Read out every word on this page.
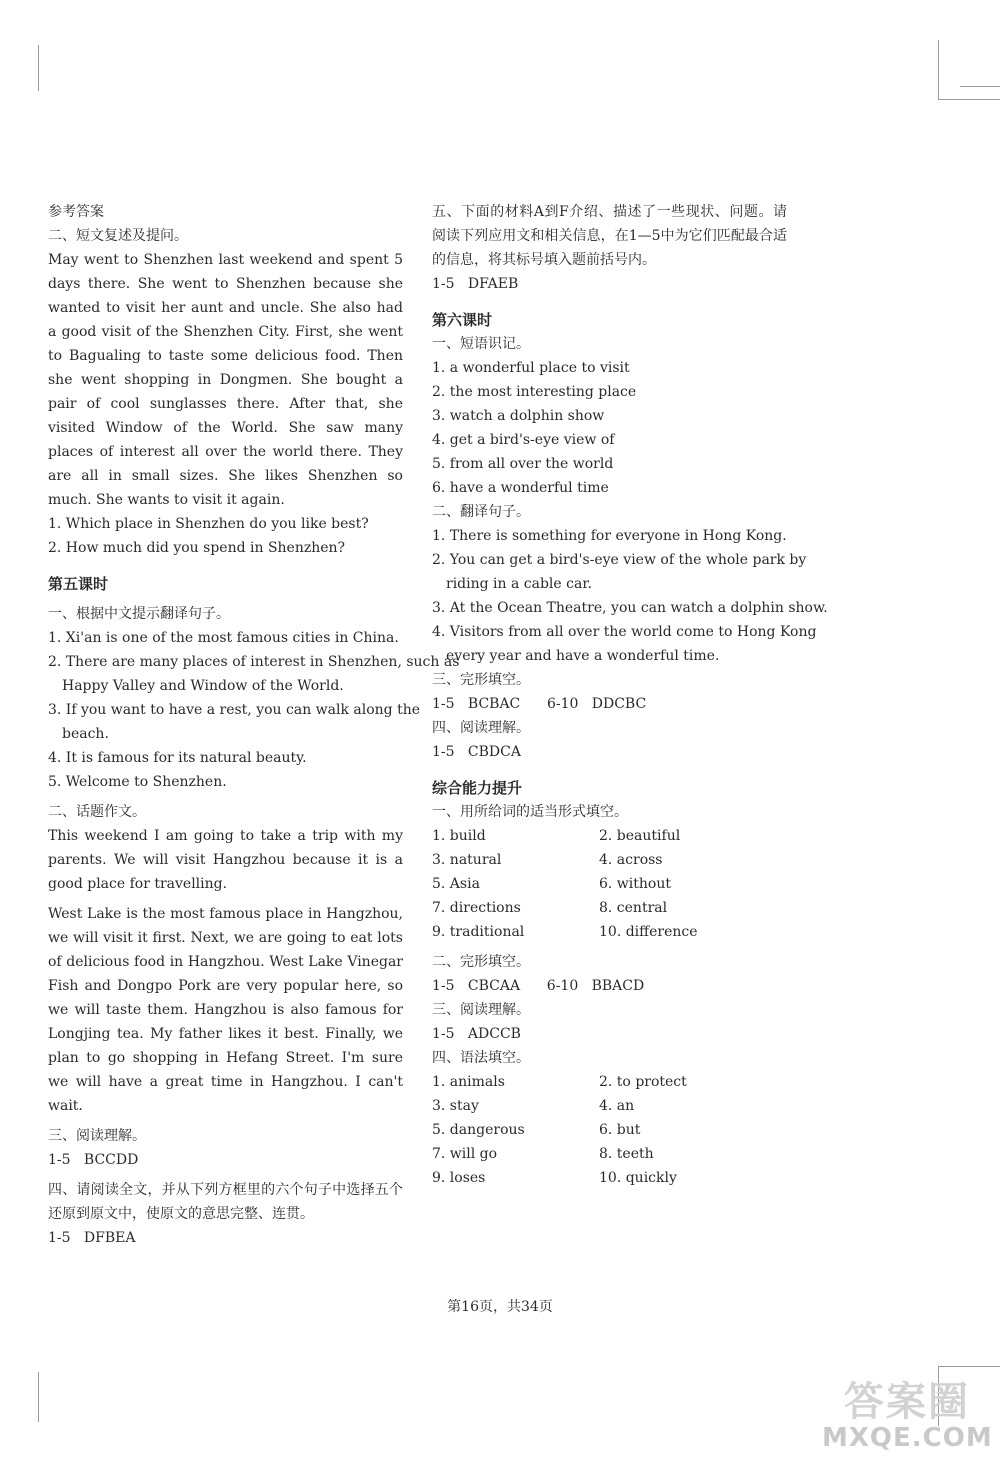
参考答案
二、短文复述及提问。
May went to Shenzhen last weekend and spent 5 days there. She went to Shenzhen because she wanted to visit her aunt and uncle. She also had a good visit of the Shenzhen City. First, she went to Bagualing to taste some delicious food. Then she went shopping in Dongmen. She bought a pair of cool sunglasses there. After that, she visited Window of the World. She saw many places of interest all over the world there. They are all in small sizes. She likes Shenzhen so much. She wants to visit it again.
1. Which place in Shenzhen do you like best?
2. How much did you spend in Shenzhen?
第五课时
一、根据中文提示翻译句子。
1. Xi'an is one of the most famous cities in China.
2. There are many places of interest in Shenzhen, such as
Happy Valley and Window of the World.
3. If you want to have a rest, you can walk along the
beach.
4. It is famous for its natural beauty.
5. Welcome to Shenzhen.
二、话题作文。
This weekend I am going to take a trip with my parents. We will visit Hangzhou because it is a good place for travelling.
West Lake is the most famous place in Hangzhou, we will visit it first. Next, we are going to eat lots of delicious food in Hangzhou. West Lake Vinegar Fish and Dongpo Pork are very popular here, so we will taste them. Hangzhou is also famous for Longjing tea. My father likes it best. Finally, we plan to go shopping in Hefang Street. I'm sure we will have a great time in Hangzhou. I can't wait.
三、阅读理解。
1-5   BCCDD
四、请阅读全文，并从下列方框里的六个句子中选择五个还原到原文中，使原文的意思完整、连贯。
1-5   DFBEA
五、下面的材料A到F介绍、描述了一些现状、问题。请阅读下列应用文和相关信息，在1—5中为它们匹配最合适的信息，将其标号填入题前括号内。
1-5   DFAEB
第六课时
一、短语识记。
1. a wonderful place to visit
2. the most interesting place
3. watch a dolphin show
4. get a bird's-eye view of
5. from all over the world
6. have a wonderful time
二、翻译句子。
1. There is something for everyone in Hong Kong.
2. You can get a bird's-eye view of the whole park by
riding in a cable car.
3. At the Ocean Theatre, you can watch a dolphin show.
4. Visitors from all over the world come to Hong Kong
every year and have a wonderful time.
三、完形填空。
1-5   BCBAC      6-10   DDCBC
四、阅读理解。
1-5   CBDCA
综合能力提升
一、用所给词的适当形式填空。
1. build	2. beautiful
3. natural	4. across
5. Asia	6. without
7. directions	8. central
9. traditional	10. difference
二、完形填空。
1-5   CBCAA      6-10   BBACD
三、阅读理解。
1-5   ADCCB
四、语法填空。
1. animals	2. to protect
3. stay	4. an
5. dangerous	6. but
7. will go	8. teeth
9. loses	10. quickly
第16页，共34页
答案圈
MXQE.COM
